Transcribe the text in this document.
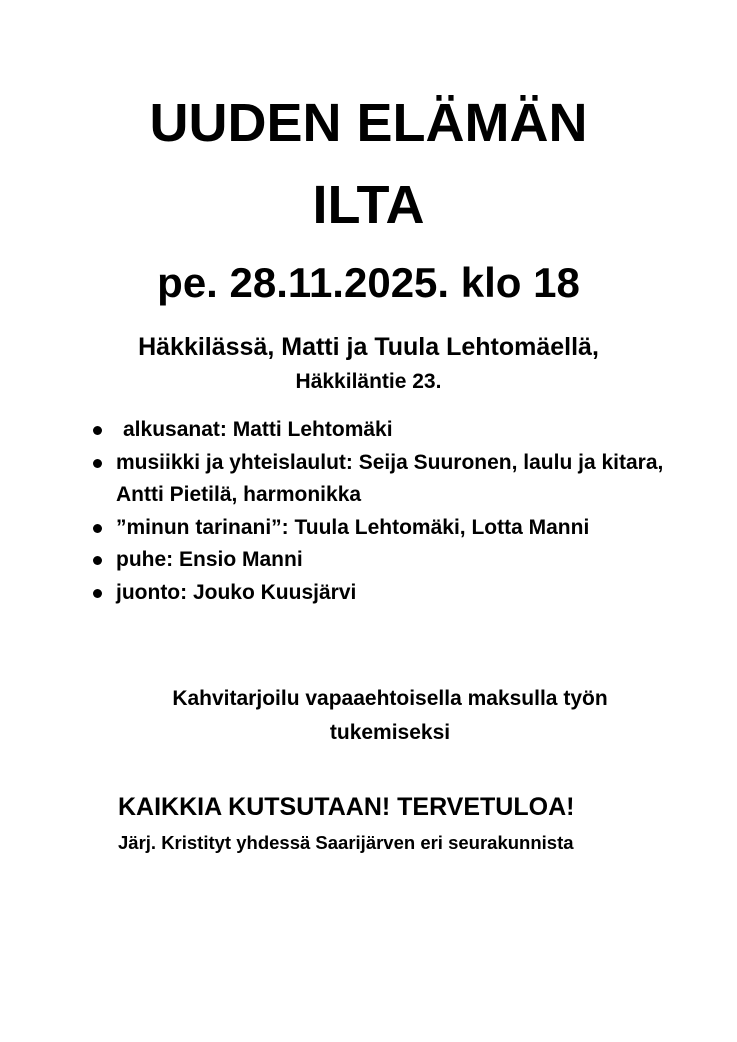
UUDEN ELÄMÄN
ILTA
pe. 28.11.2025. klo 18
Häkkilässä, Matti ja Tuula Lehtomäellä,
Häkkiläntie 23.
alkusanat: Matti Lehtomäki
musiikki ja yhteislaulut: Seija Suuronen, laulu ja kitara, Antti Pietilä, harmonikka
”minun tarinani”: Tuula Lehtomäki, Lotta Manni
puhe: Ensio Manni
juonto: Jouko Kuusjärvi
Kahvitarjoilu vapaaehtoisella maksulla työn tukemiseksi
KAIKKIA KUTSUTAAN! TERVETULOA!
Järj. Kristityt yhdessä Saarijärven eri seurakunnista
